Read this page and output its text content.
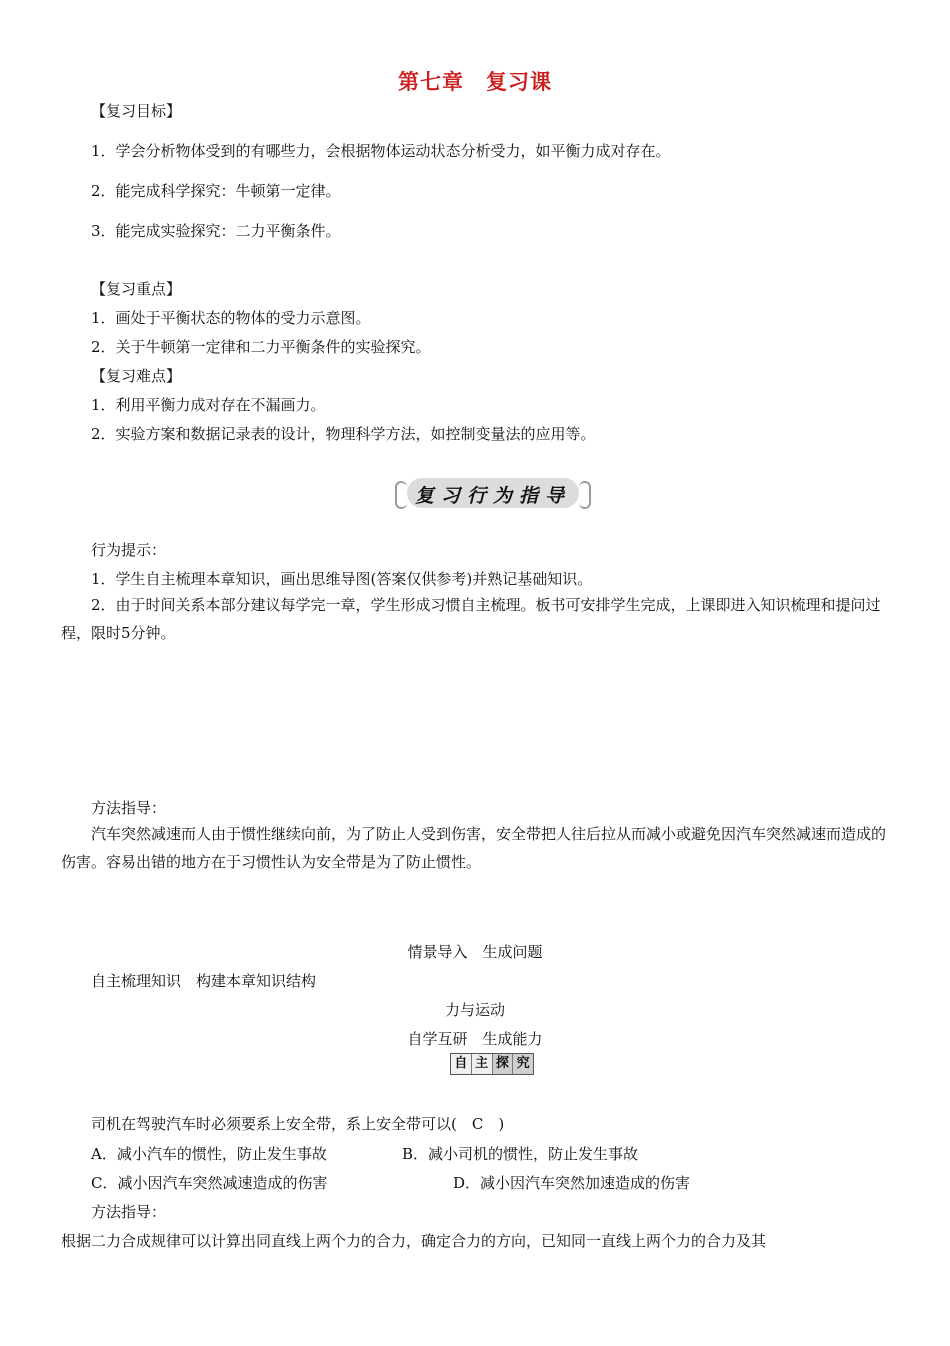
第七章　复习课
【复习目标】
1．学会分析物体受到的有哪些力，会根据物体运动状态分析受力，如平衡力成对存在。
2．能完成科学探究：牛顿第一定律。
3．能完成实验探究：二力平衡条件。
【复习重点】
1．画处于平衡状态的物体的受力示意图。
2．关于牛顿第一定律和二力平衡条件的实验探究。
【复习难点】
1．利用平衡力成对存在不漏画力。
2．实验方案和数据记录表的设计，物理科学方法，如控制变量法的应用等。
复习行为指导
行为提示：
1．学生自主梳理本章知识，画出思维导图(答案仅供参考)并熟记基础知识。
2．由于时间关系本部分建议每学完一章，学生形成习惯自主梳理。板书可安排学生完成，上课即进入知识梳理和提问过程，限时5分钟。
方法指导：
汽车突然减速而人由于惯性继续向前，为了防止人受到伤害，安全带把人往后拉从而减小或避免因汽车突然减速而造成的伤害。容易出错的地方在于习惯性认为安全带是为了防止惯性。
情景导入　生成问题
自主梳理知识　构建本章知识结构
力与运动
自学互研　生成能力
自 主 探 究
司机在驾驶汽车时必须要系上安全带，系上安全带可以(　C　)
A．减小汽车的惯性，防止发生事故	B．减小司机的惯性，防止发生事故
C．减小因汽车突然减速造成的伤害	D．减小因汽车突然加速造成的伤害
方法指导：
根据二力合成规律可以计算出同直线上两个力的合力，确定合力的方向，已知同一直线上两个力的合力及其
